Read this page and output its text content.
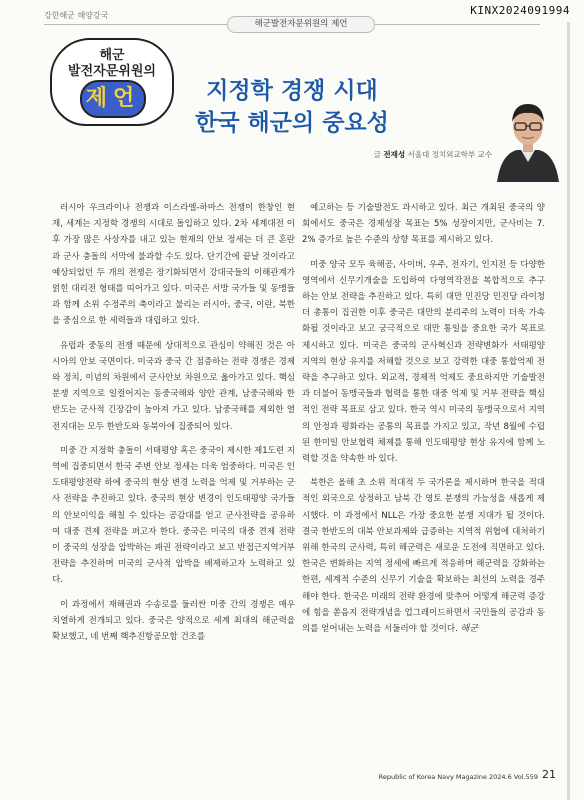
강한해군 해양강국
해군발전자문위원의 제언
KINX2024091994
해군
발전자문위원의
제언	지정학 경쟁 시대
한국 해군의 중요성
글 전재성 서울대 정치외교학부 교수

러시아 우크라이나 전쟁과 이스라엘-하마스 전쟁이 한창인 현재, 세계는 지정학 경쟁의 시대로 돌입하고 있다. 2차 세계대전 이후 가장 많은 사상자를 내고 있는 현재의 안보 정세는 더 큰 혼란과 군사 충돌의 서막에 불과할 수도 있다. 단기간에 끝날 것이라고 예상되었던 두 개의 전쟁은 장기화되면서 강대국들의 이해관계가 얽힌 대리전 형태를 띠어가고 있다. 미국은 서방 국가들 및 동맹들과 함께 소위 수정주의 축이라고 불리는 러시아, 중국, 이란, 북한을 중심으로 한 세력들과 대립하고 있다.

유럽과 중동의 전쟁 때문에 상대적으로 관심이 약해진 것은 아시아의 안보 국면이다. 미국과 중국 간 점증하는 전략 경쟁은 경제와 정치, 이념의 차원에서 군사안보 차원으로 옮아가고 있다. 핵심 분쟁 지역으로 일컬어지는 동중국해와 양안 관계, 남중국해와 한반도는 군사적 긴장감이 높아져 가고 있다. 남중국해를 제외한 열전지대는 모두 한반도와 동북아에 집중되어 있다.

미중 간 지정학 충돌이 서태평양 혹은 중국이 제시한 제1도련 지역에 집중되면서 한국 주변 안보 정세는 더욱 엄중하다. 미국은 인도태평양전략 하에 중국의 현상 변경 노력을 억제 및 거부하는 군사 전략을 추진하고 있다. 중국의 현상 변경이 인도태평양 국가들의 안보이익을 해칠 수 있다는 공감대를 얻고 군사전략을 공유하여 대중 견제 전략을 펴고자 한다. 중국은 미국의 대중 견제 전략이 중국의 성장을 압박하는 패권 전략이라고 보고 반접근지역거부 전략을 추진하며 미국의 군사적 압박을 배제하고자 노력하고 있다.

이 과정에서 재해권과 수송로를 둘러싼 미중 간의 경쟁은 매우 치열하게 전개되고 있다. 중국은 양적으로 세계 최대의 해군력을 확보했고, 네 번째 핵추진항공모함 건조를

예고하는 등 기술발전도 과시하고 있다. 최근 개최된 중국의 양회에서도 중국은 경제성장 목표는 5% 성장이지만, 군사비는 7.2% 증가로 높은 수준의 상향 목표를 제시하고 있다.

미중 양국 모두 육해공, 사이버, 우주, 전자기, 인지전 등 다양한 영역에서 신무기개술을 도입하여 다영역작전을 복합적으로 추구하는 안보 전략을 추진하고 있다. 특히 대만 민진당 민진당 라이청더 총통이 집권한 이후 중국은 대만의 분리주의 노력이 더욱 가속화될 것이라고 보고 궁극적으로 대만 통일을 중요한 국가 목표로 제시하고 있다. 미국은 중국의 군사혁신과 전략변화가 서태평양 지역의 현상 유지를 저해할 것으로 보고 강력한 대중 통합억제 전략을 추구하고 있다. 외교적, 경제적 억제도 중요하지만 기술발전과 더불어 동맹국들과 협력을 통한 대중 억제 및 거부 전략을 핵심적인 전략 목표로 삼고 있다. 한국 역시 미국의 동맹국으로서 지역의 안정과 평화라는 공통의 목표를 가지고 있고, 작년 8월에 수립된 한미일 안보협력 체제를 통해 인도태평양 현상 유지에 함께 노력할 것을 약속한 바 있다.

북한은 올해 초 소위 적대적 두 국가론을 제시하며 한국을 적대적인 외국으로 상정하고 남북 간 영토 분쟁의 가능성을 새롭게 제시했다. 이 과정에서 NLL은 가장 중요한 분쟁 지대가 될 것이다. 결국 한반도의 대북 안보과제와 급증하는 지역적 위협에 대처하기 위해 한국의 군사력, 특히 해군력은 새로운 도전에 직면하고 있다. 한국은 변화하는 지역 정세에 빠르게 적응하며 해군력을 강화하는 한편, 세계적 수준의 신무기 기술을 확보하는 최선의 노력을 경주해야 한다. 한국은 미래의 전략 환경에 맞추어 어떻게 해군력 증강에 힘을 쏟음지 전략개념을 업그레이드하면서 국민들의 공감과 동의를 얻어내는 노력을 서둘러야 할 것이다. 해군

Republic of Korea Navy Magazine 2024.6 Vol.559 21
